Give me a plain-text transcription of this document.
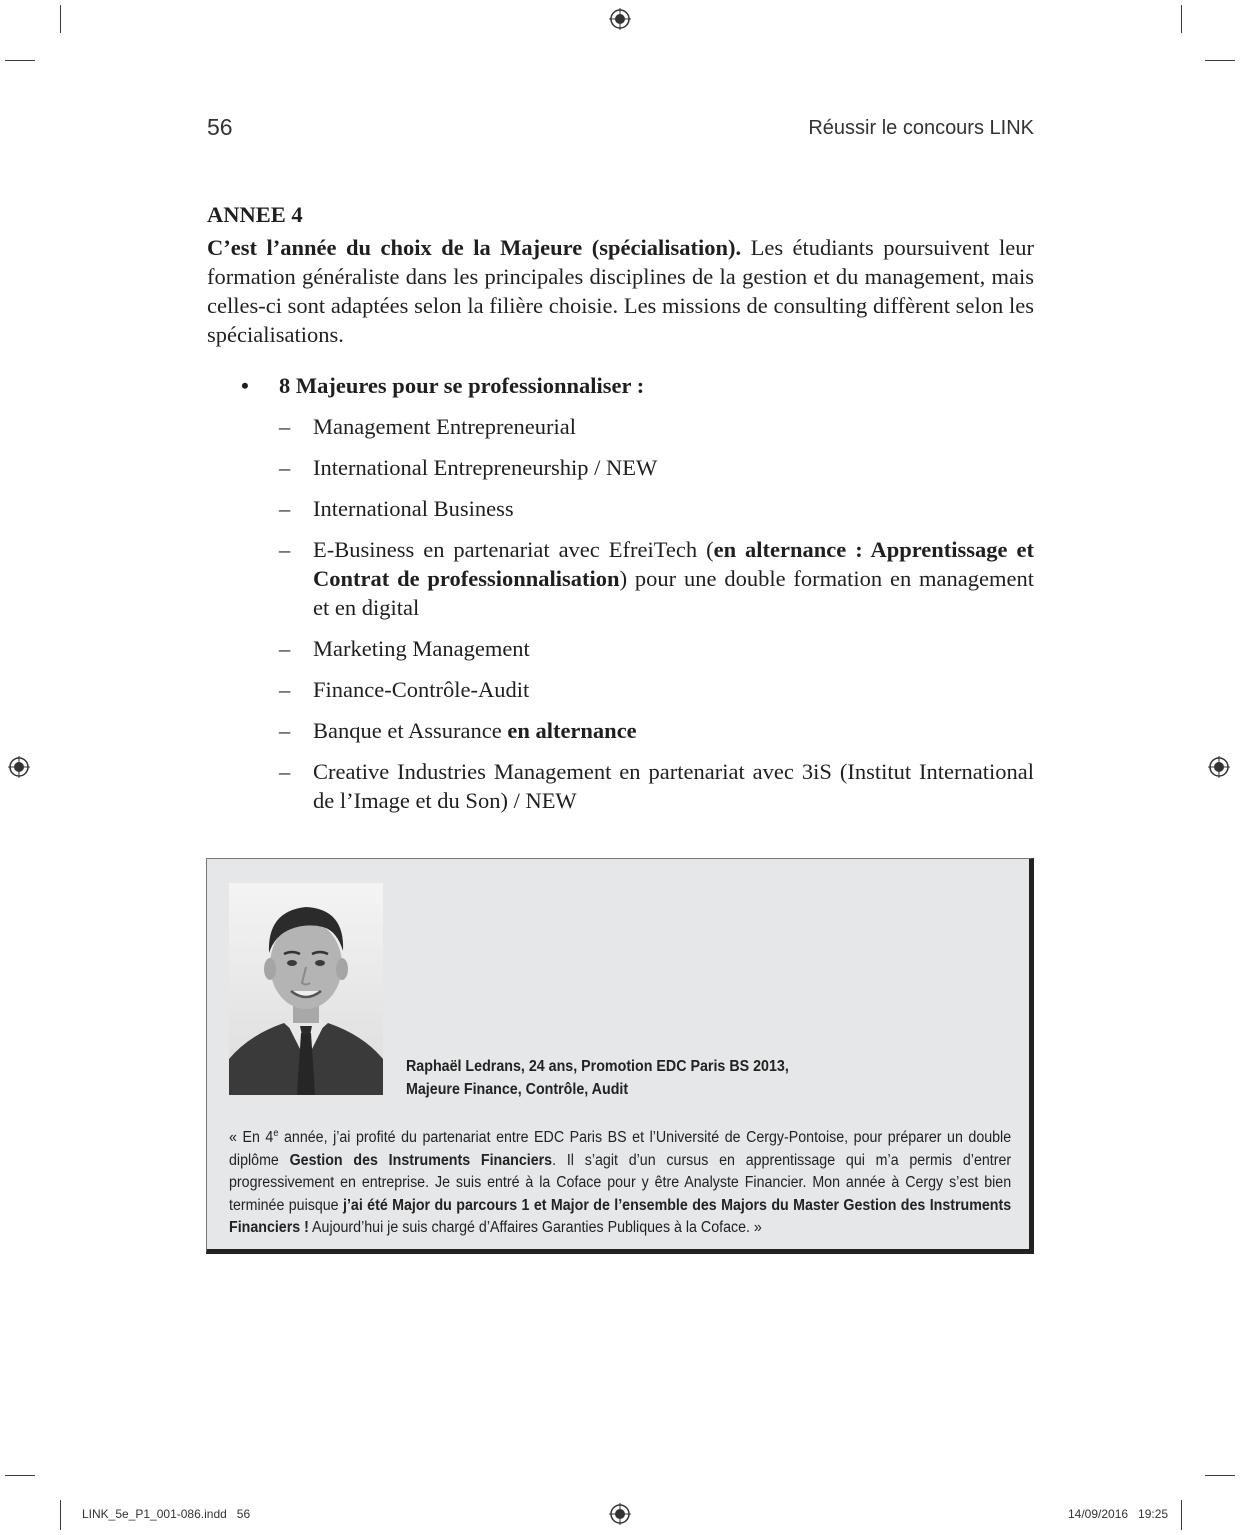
56	Réussir le concours LINK
ANNEE 4

C’est l’année du choix de la Majeure (spécialisation). Les étudiants poursuivent leur formation généraliste dans les principales disciplines de la gestion et du management, mais celles-ci sont adaptées selon la filière choisie. Les missions de consulting diffèrent selon les spécialisations.

• 8 Majeures pour se professionnaliser :
– Management Entrepreneurial
– International Entrepreneurship / NEW
– International Business
– E-Business en partenariat avec EfreiTech (en alternance : Apprentissage et Contrat de professionnalisation) pour une double formation en management et en digital
– Marketing Management
– Finance-Contrôle-Audit
– Banque et Assurance en alternance
– Creative Industries Management en partenariat avec 3iS (Institut International de l’Image et du Son) / NEW
Raphaël Ledrans, 24 ans, Promotion EDC Paris BS 2013,
Majeure Finance, Contrôle, Audit
« En 4e année, j’ai profité du partenariat entre EDC Paris BS et l’Université de Cergy-Pontoise, pour préparer un double diplôme Gestion des Instruments Financiers. Il s’agit d’un cursus en apprentissage qui m’a permis d’entrer progressivement en entreprise. Je suis entré à la Coface pour y être Analyste Financier. Mon année à Cergy s’est bien terminée puisque j’ai été Major du parcours 1 et Major de l’ensemble des Majors du Master Gestion des Instruments Financiers ! Aujourd’hui je suis chargé d’Affaires Garanties Publiques à la Coface. »
LINK_5e_P1_001-086.indd   56	14/09/2016   19:25
